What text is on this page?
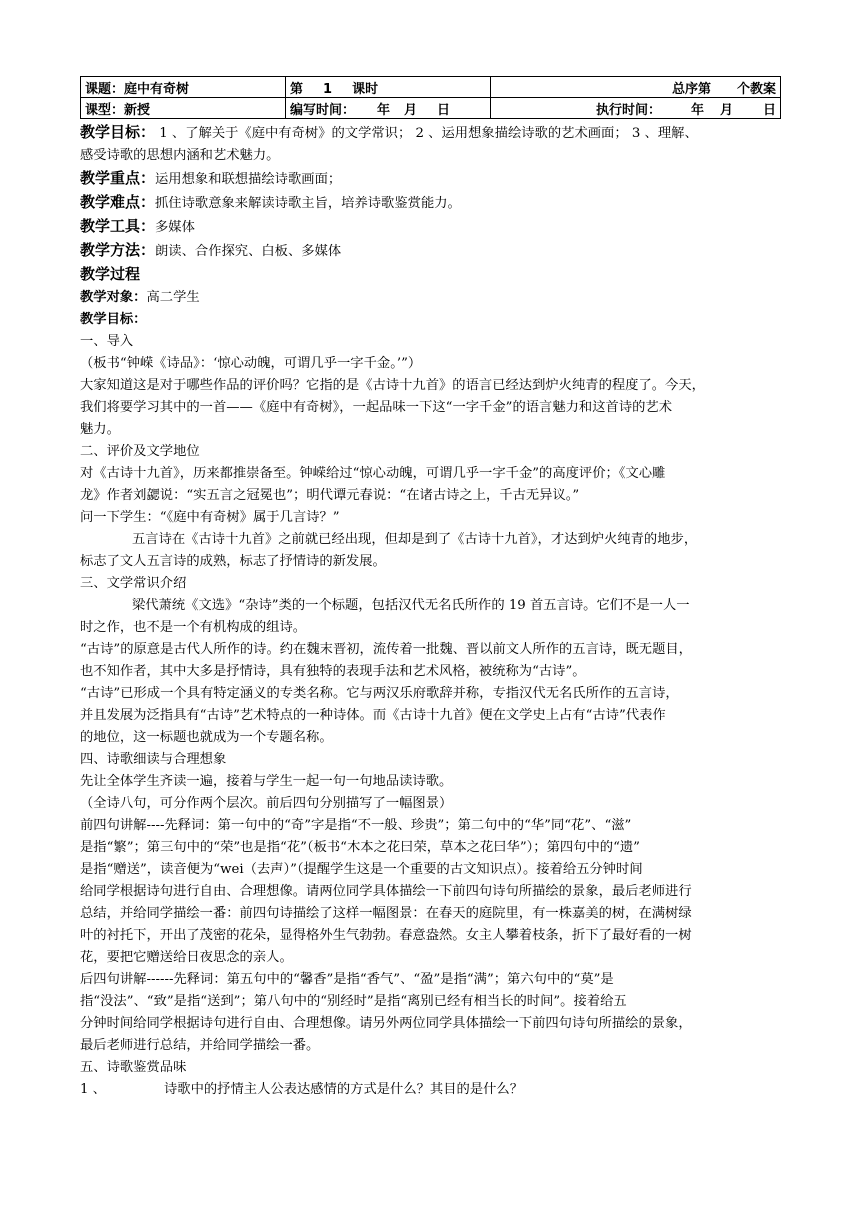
课题：庭中有奇树	第 1 课时	总序第 个教案
课型：新授	编写时间： 年 月 日	执行时间： 年 月 日
教学目标： 1 、了解关于《庭中有奇树》的文学常识； 2 、运用想象描绘诗歌的艺术画面； 3 、理解、
感受诗歌的思想内涵和艺术魅力。
教学重点：运用想象和联想描绘诗歌画面；
教学难点：抓住诗歌意象来解读诗歌主旨，培养诗歌鉴赏能力。
教学工具：多媒体
教学方法：朗读、合作探究、白板、多媒体
教学过程
教学对象：高二学生
教学目标：
一、导入
（板书“钟嵘《诗品》：‘惊心动魄，可谓几乎一字千金。’”）
大家知道这是对于哪些作品的评价吗？它指的是《古诗十九首》的语言已经达到炉火纯青的程度了。今天，
我们将要学习其中的一首——《庭中有奇树》，一起品味一下这“一字千金”的语言魅力和这首诗的艺术
魅力。
二、评价及文学地位
对《古诗十九首》，历来都推崇备至。钟嵘给过“惊心动魄，可谓几乎一字千金”的高度评价；《文心雕
龙》作者刘勰说：“实五言之冠冕也”；明代谭元春说：“在诸古诗之上，千古无异议。”
问一下学生：“《庭中有奇树》属于几言诗？”
五言诗在《古诗十九首》之前就已经出现，但却是到了《古诗十九首》，才达到炉火纯青的地步，
标志了文人五言诗的成熟，标志了抒情诗的新发展。
三、文学常识介绍
梁代萧统《文选》“杂诗”类的一个标题，包括汉代无名氏所作的 19 首五言诗。它们不是一人一
时之作，也不是一个有机构成的组诗。
“古诗”的原意是古代人所作的诗。约在魏末晋初，流传着一批魏、晋以前文人所作的五言诗，既无题目，
也不知作者，其中大多是抒情诗，具有独特的表现手法和艺术风格，被统称为“古诗”。
“古诗”已形成一个具有特定涵义的专类名称。它与两汉乐府歌辞并称，专指汉代无名氏所作的五言诗，
并且发展为泛指具有“古诗”艺术特点的一种诗体。而《古诗十九首》便在文学史上占有“古诗”代表作
的地位，这一标题也就成为一个专题名称。
四、诗歌细读与合理想象
先让全体学生齐读一遍，接着与学生一起一句一句地品读诗歌。
（全诗八句，可分作两个层次。前后四句分别描写了一幅图景）
前四句讲解----先释词：第一句中的“奇”字是指“不一般、珍贵”；第二句中的“华”同“花”、“滋”
是指“繁”；第三句中的“荣”也是指“花”（板书“木本之花曰荣，草本之花曰华”）；第四句中的“遗”
是指“赠送”，读音便为“wei（去声）”（提醒学生这是一个重要的古文知识点）。接着给五分钟时间
给同学根据诗句进行自由、合理想像。请两位同学具体描绘一下前四句诗句所描绘的景象，最后老师进行
总结，并给同学描绘一番：前四句诗描绘了这样一幅图景：在春天的庭院里，有一株嘉美的树，在满树绿
叶的衬托下，开出了茂密的花朵，显得格外生气勃勃。春意盎然。女主人攀着枝条，折下了最好看的一树
花，要把它赠送给日夜思念的亲人。
后四句讲解------先释词：第五句中的“馨香”是指“香气”、“盈”是指“满”；第六句中的“莫”是
指“没法”、“致”是指“送到”；第八句中的“别经时”是指“离别已经有相当长的时间”。接着给五
分钟时间给同学根据诗句进行自由、合理想像。请另外两位同学具体描绘一下前四句诗句所描绘的景象，
最后老师进行总结，并给同学描绘一番。
五、诗歌鉴赏品味
1 、	诗歌中的抒情主人公表达感情的方式是什么？其目的是什么？
